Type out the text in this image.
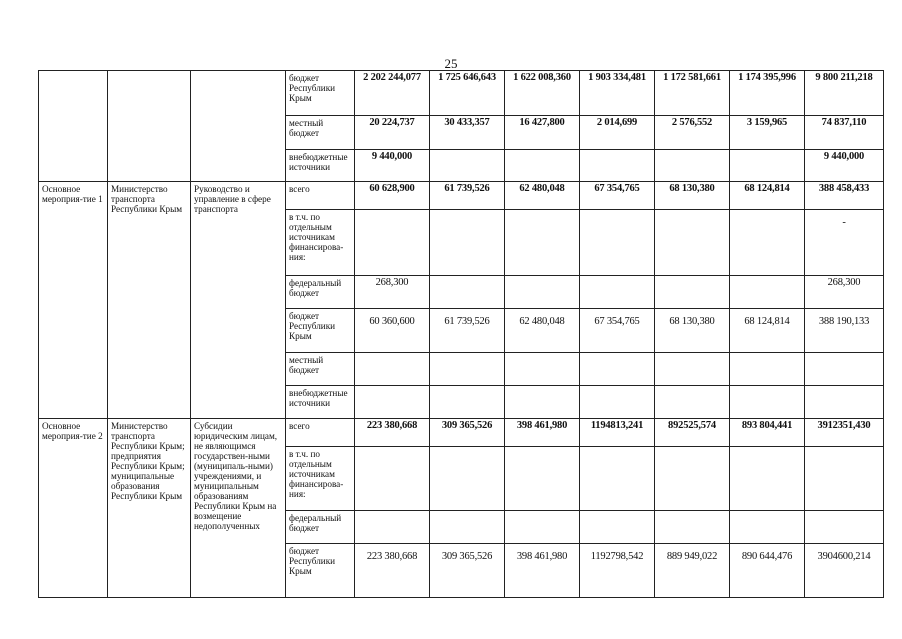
25
			бюджет Республики Крым	2 202 244,077	1 725 646,643	1 622 008,360	1 903 334,481	1 172 581,661	1 174 395,996	9 800 211,218
			местный бюджет	20 224,737	30 433,357	16 427,800	2 014,699	2 576,552	3 159,965	74 837,110
			внебюджетные источники	9 440,000						9 440,000
Основное мероприя-тие 1	Министерство транспорта Республики Крым	Руководство и управление в сфере транспорта	всего	60 628,900	61 739,526	62 480,048	67 354,765	68 130,380	68 124,814	388 458,433
			в т.ч. по отдельным источникам финансирова-ния:							-
			федеральный бюджет	268,300						268,300
			бюджет Республики Крым	60 360,600	61 739,526	62 480,048	67 354,765	68 130,380	68 124,814	388 190,133
			местный бюджет							
			внебюджетные источники							
Основное мероприя-тие 2	Министерство транспорта Республики Крым; предприятия Республики Крым; муниципальные образования Республики Крым	Субсидии юридическим лицам, не являющимся государствен-ными (муниципаль-ными) учреждениями, и муниципальным образованиям Республики Крым на возмещение недополученных	всего	223 380,668	309 365,526	398 461,980	1194813,241	892525,574	893 804,441	3912351,430
			в т.ч. по отдельным источникам финансирова-ния:							
			федеральный бюджет							
			бюджет Республики Крым	223 380,668	309 365,526	398 461,980	1192798,542	889 949,022	890 644,476	3904600,214
